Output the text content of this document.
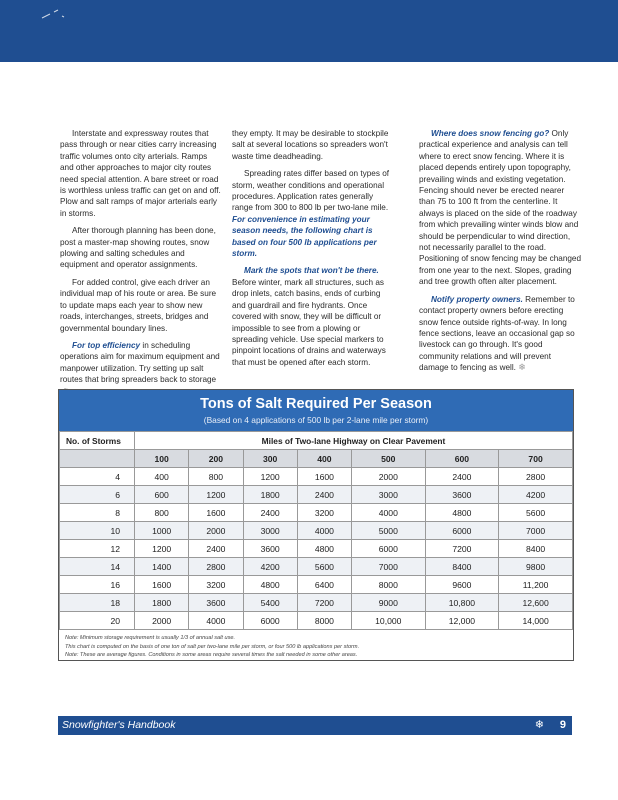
Interstate and expressway routes that pass through or near cities carry increasing traffic volumes onto city arterials. Ramps and other approaches to major city routes need special attention. A bare street or road is worthless unless traffic can get on and off. Plow and salt ramps of major arterials early in storms.

After thorough planning has been done, post a master-map showing routes, snow plowing and salting schedules and equipment and operator assignments.

For added control, give each driver an individual map of his route or area. Be sure to update maps each year to show new roads, interchanges, streets, bridges and governmental boundary lines.

For top efficiency in scheduling operations aim for maximum equipment and manpower utilization. Try setting up salt routes that bring spreaders back to storage

they empty. It may be desirable to stockpile salt at several locations so spreaders won't waste time deadheading.

Spreading rates differ based on types of storm, weather conditions and operational procedures. Application rates generally range from 300 to 800 lb per two-lane mile. For convenience in estimating your season needs, the following chart is based on four 500 lb applications per storm.

Mark the spots that won't be there. Before winter, mark all structures, such as drop inlets, catch basins, ends of curbing and guardrail and fire hydrants. Once covered with snow, they will be difficult or impossible to see from a plowing or spreading vehicle. Use special markers to pinpoint locations of drains and waterways that must be opened after each storm.

Where does snow fencing go? Only practical experience and analysis can tell where to erect snow fencing. Where it is placed depends entirely upon topography, prevailing winds and existing vegetation. Fencing should never be erected nearer than 75 to 100 ft from the centerline. It always is placed on the side of the roadway from which prevailing winter winds blow and should be perpendicular to wind direction, not necessarily parallel to the road. Positioning of snow fencing may be changed from one year to the next. Slopes, grading and tree growth often alter placement.

Notify property owners. Remember to contact property owners before erecting snow fence outside rights-of-way. In long fence sections, leave an occasional gap so livestock can go through. It's good community relations and will prevent damage to fencing as well. ❄

Tons of Salt Required Per Season
(Based on 4 applications of 500 lb per 2-lane mile per storm)
No. of Storms	Miles of Two-lane Highway on Clear Pavement						
	100	200	300	400	500	600	700
4	400	800	1200	1600	2000	2400	2800
6	600	1200	1800	2400	3000	3600	4200
8	800	1600	2400	3200	4000	4800	5600
10	1000	2000	3000	4000	5000	6000	7000
12	1200	2400	3600	4800	6000	7200	8400
14	1400	2800	4200	5600	7000	8400	9800
16	1600	3200	4800	6400	8000	9600	11,200
18	1800	3600	5400	7200	9000	10,800	12,600
20	2000	4000	6000	8000	10,000	12,000	14,000
Note: Minimum storage requirement is usually 1/3 of annual salt use.
This chart is computed on the basis of one ton of salt per two-lane mile per storm, or four 500 lb applications per storm.
Note: These are average figures. Conditions in some areas require several times the salt needed in some other areas.
Snowfighter's Handbook	❄ 9
